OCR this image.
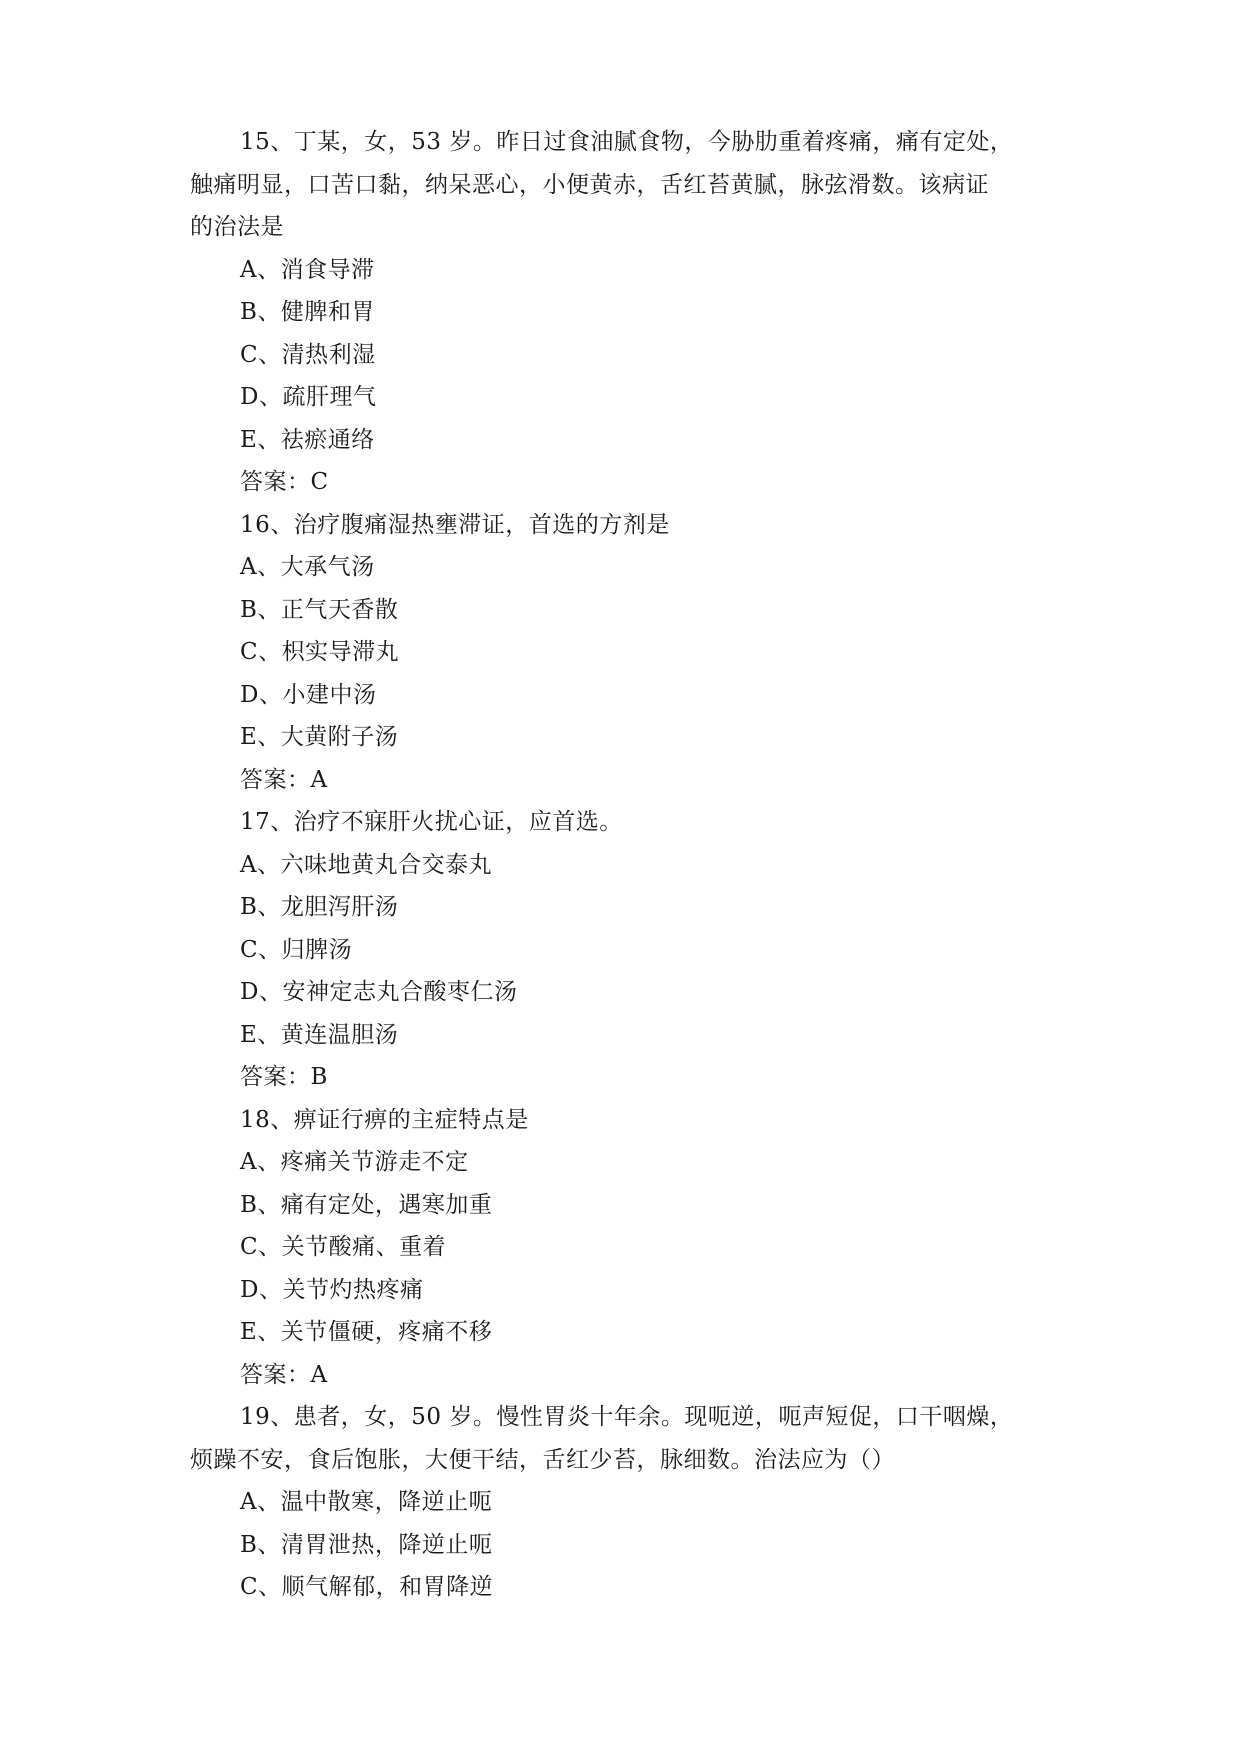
15、丁某，女，53 岁。昨日过食油腻食物，今胁肋重着疼痛，痛有定处，
触痛明显，口苦口黏，纳呆恶心，小便黄赤，舌红苔黄腻，脉弦滑数。该病证
的治法是
A、消食导滞
B、健脾和胃
C、清热利湿
D、疏肝理气
E、祛瘀通络
答案：C
16、治疗腹痛湿热壅滞证，首选的方剂是
A、大承气汤
B、正气天香散
C、枳实导滞丸
D、小建中汤
E、大黄附子汤
答案：A
17、治疗不寐肝火扰心证，应首选。
A、六味地黄丸合交泰丸
B、龙胆泻肝汤
C、归脾汤
D、安神定志丸合酸枣仁汤
E、黄连温胆汤
答案：B
18、痹证行痹的主症特点是
A、疼痛关节游走不定
B、痛有定处，遇寒加重
C、关节酸痛、重着
D、关节灼热疼痛
E、关节僵硬，疼痛不移
答案：A
19、患者，女，50 岁。慢性胃炎十年余。现呃逆，呃声短促，口干咽燥，
烦躁不安，食后饱胀，大便干结，舌红少苔，脉细数。治法应为（）
A、温中散寒，降逆止呃
B、清胃泄热，降逆止呃
C、顺气解郁，和胃降逆
